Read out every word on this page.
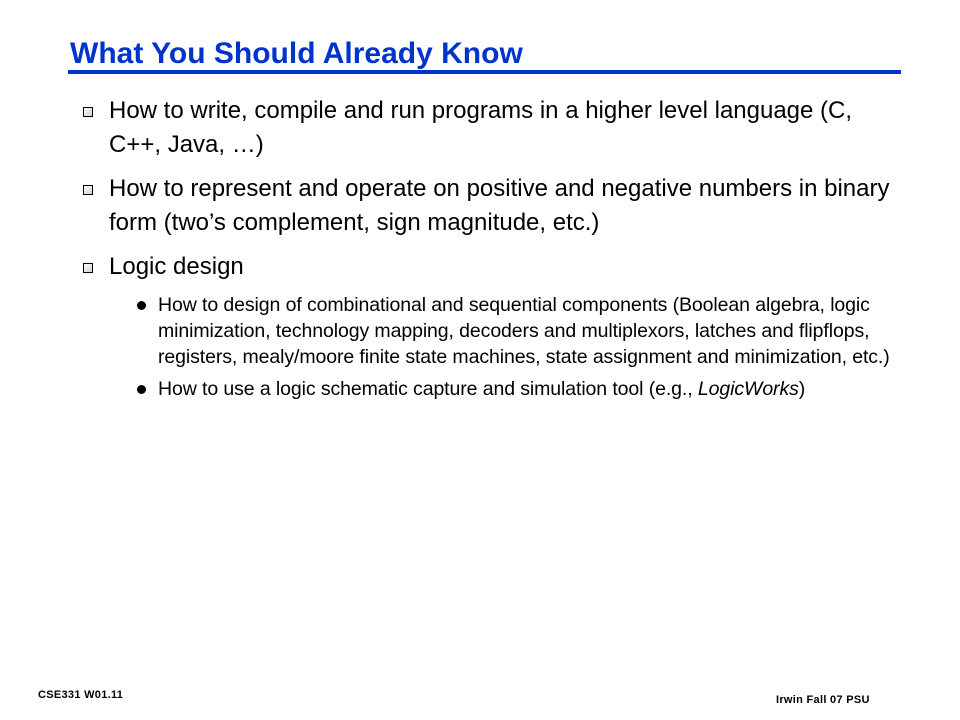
What You Should Already Know
How to write, compile and run programs in a higher level language (C, C++, Java, …)
How to represent and operate on positive and negative numbers in binary form (two’s complement, sign magnitude, etc.)
Logic design
How to design of combinational and sequential components (Boolean algebra, logic minimization, technology mapping, decoders and multiplexors, latches and flipflops, registers, mealy/moore finite state machines, state assignment and minimization, etc.)
How to use a logic schematic capture and simulation tool (e.g., LogicWorks)
CSE331 W01.11	Irwin Fall 07 PSU
